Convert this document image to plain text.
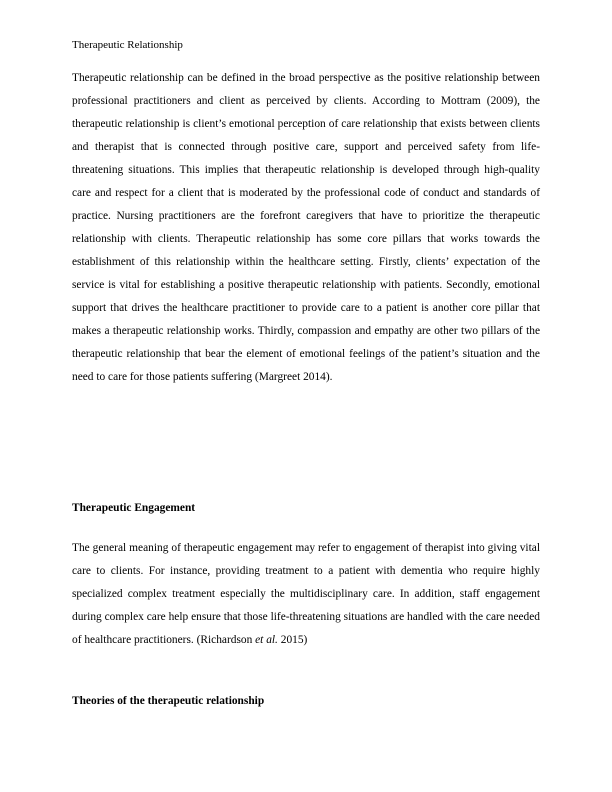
Therapeutic Relationship

Therapeutic relationship can be defined in the broad perspective as the positive relationship between professional practitioners and client as perceived by clients. According to Mottram (2009), the therapeutic relationship is client’s emotional perception of care relationship that exists between clients and therapist that is connected through positive care, support and perceived safety from life-threatening situations. This implies that therapeutic relationship is developed through high-quality care and respect for a client that is moderated by the professional code of conduct and standards of practice. Nursing practitioners are the forefront caregivers that have to prioritize the therapeutic relationship with clients. Therapeutic relationship has some core pillars that works towards the establishment of this relationship within the healthcare setting. Firstly, clients’ expectation of the service is vital for establishing a positive therapeutic relationship with patients. Secondly, emotional support that drives the healthcare practitioner to provide care to a patient is another core pillar that makes a therapeutic relationship works. Thirdly, compassion and empathy are other two pillars of the therapeutic relationship that bear the element of emotional feelings of the patient’s situation and the need to care for those patients suffering (Margreet 2014).

Therapeutic Engagement

The general meaning of therapeutic engagement may refer to engagement of therapist into giving vital care to clients. For instance, providing treatment to a patient with dementia who require highly specialized complex treatment especially the multidisciplinary care. In addition, staff engagement during complex care help ensure that those life-threatening situations are handled with the care needed of healthcare practitioners. (Richardson et al. 2015)

Theories of the therapeutic relationship
